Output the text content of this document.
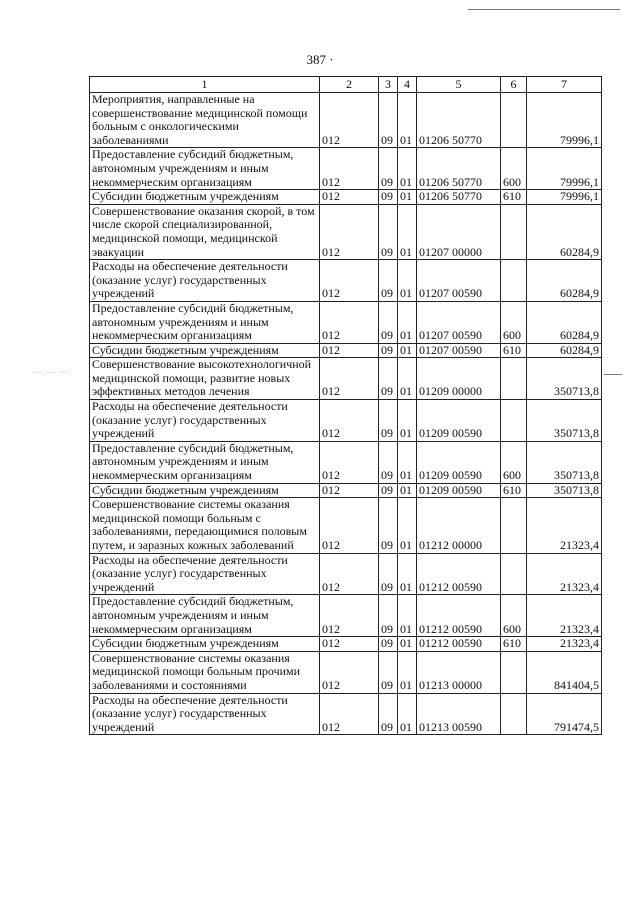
387 ·
··· ··· ···
1	2	3	4	5	6	7
Мероприятия, направленные на совершенствование медицинской помощи больным с онкологическими заболеваниями	012	09	01	01206 50770		79996,1
Предоставление субсидий бюджетным, автономным учреждениям и иным некоммерческим организациям	012	09	01	01206 50770	600	79996,1
Субсидии бюджетным учреждениям	012	09	01	01206 50770	610	79996,1
Совершенствование оказания скорой, в том числе скорой специализированной, медицинской помощи, медицинской эвакуации	012	09	01	01207 00000		60284,9
Расходы на обеспечение деятельности (оказание услуг) государственных учреждений	012	09	01	01207 00590		60284,9
Предоставление субсидий бюджетным, автономным учреждениям и иным некоммерческим организациям	012	09	01	01207 00590	600	60284,9
Субсидии бюджетным учреждениям	012	09	01	01207 00590	610	60284,9
Совершенствование высокотехнологичной медицинской помощи, развитие новых эффективных методов лечения	012	09	01	01209 00000		350713,8
Расходы на обеспечение деятельности (оказание услуг) государственных учреждений	012	09	01	01209 00590		350713,8
Предоставление субсидий бюджетным, автономным учреждениям и иным некоммерческим организациям	012	09	01	01209 00590	600	350713,8
Субсидии бюджетным учреждениям	012	09	01	01209 00590	610	350713,8
Совершенствование системы оказания медицинской помощи больным с заболеваниями, передающимися половым путем, и заразных кожных заболеваний	012	09	01	01212 00000		21323,4
Расходы на обеспечение деятельности (оказание услуг) государственных учреждений	012	09	01	01212 00590		21323,4
Предоставление субсидий бюджетным, автономным учреждениям и иным некоммерческим организациям	012	09	01	01212 00590	600	21323,4
Субсидии бюджетным учреждениям	012	09	01	01212 00590	610	21323,4
Совершенствование системы оказания медицинской помощи больным прочими заболеваниями и состояниями	012	09	01	01213 00000		841404,5
Расходы на обеспечение деятельности (оказание услуг) государственных учреждений	012	09	01	01213 00590		791474,5
